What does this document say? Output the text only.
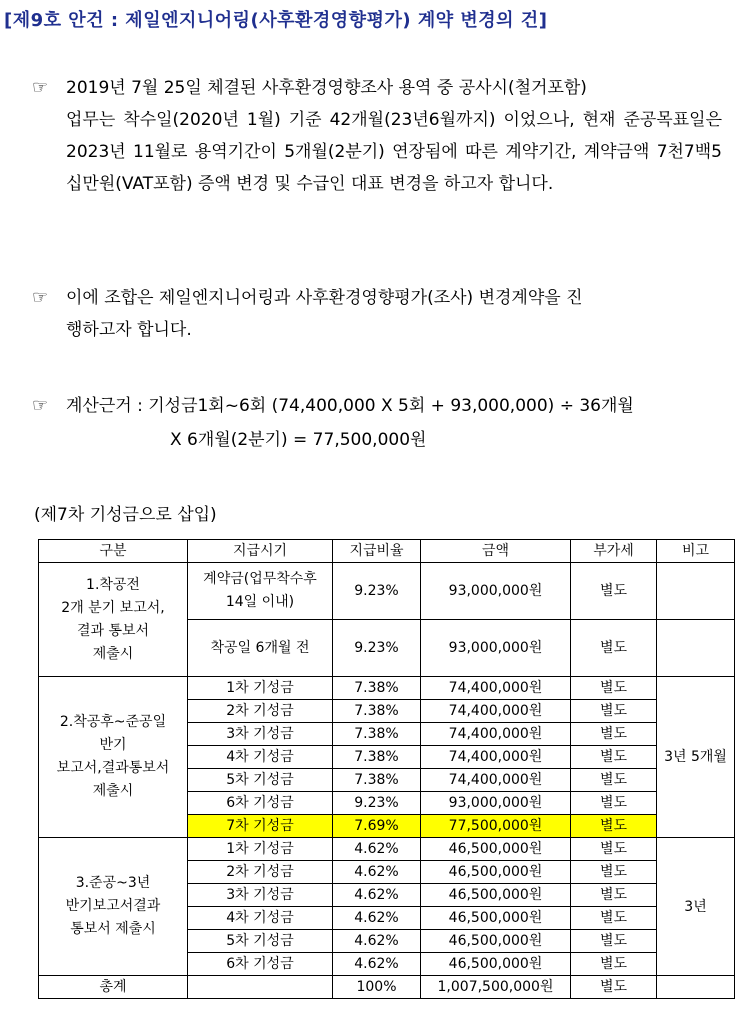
[제9호 안건 : 제일엔지니어링(사후환경영향평가) 계약 변경의 건]
☞ 2019년 7월 25일 체결된 사후환경영향조사 용역 중 공사시(철거포함)
업무는 착수일(2020년 1월) 기준 42개월(23년6월까지) 이었으나, 현재 준공목표일은 2023년 11월로 용역기간이 5개월(2분기) 연장됨에 따른 계약기간, 계약금액 7천7백5십만원(VAT포함) 증액 변경 및 수급인 대표 변경을 하고자 합니다.
☞ 이에 조합은 제일엔지니어링과 사후환경영향평가(조사) 변경계약을 진
행하고자 합니다.
☞ 계산근거 : 기성금1회~6회 (74,400,000 X 5회 + 93,000,000) ÷ 36개월
X 6개월(2분기) = 77,500,000원
(제7차 기성금으로 삽입)
구분	지급시기	지급비율	금액	부가세	비고
1.착공전
2개 분기 보고서,
결과 통보서
제출시	계약금(업무착수후
14일 이내)	9.23%	93,000,000원	별도	
	착공일 6개월 전	9.23%	93,000,000원	별도	
2.착공후~준공일
반기
보고서,결과통보서
제출시	1차 기성금	7.38%	74,400,000원	별도	3년 5개월
	2차 기성금	7.38%	74,400,000원	별도	
	3차 기성금	7.38%	74,400,000원	별도	
	4차 기성금	7.38%	74,400,000원	별도	
	5차 기성금	7.38%	74,400,000원	별도	
	6차 기성금	9.23%	93,000,000원	별도	
	7차 기성금	7.69%	77,500,000원	별도	
3.준공~3년
반기보고서결과
통보서 제출시	1차 기성금	4.62%	46,500,000원	별도	3년
	2차 기성금	4.62%	46,500,000원	별도	
	3차 기성금	4.62%	46,500,000원	별도	
	4차 기성금	4.62%	46,500,000원	별도	
	5차 기성금	4.62%	46,500,000원	별도	
	6차 기성금	4.62%	46,500,000원	별도	
총계		100%	1,007,500,000원	별도	
